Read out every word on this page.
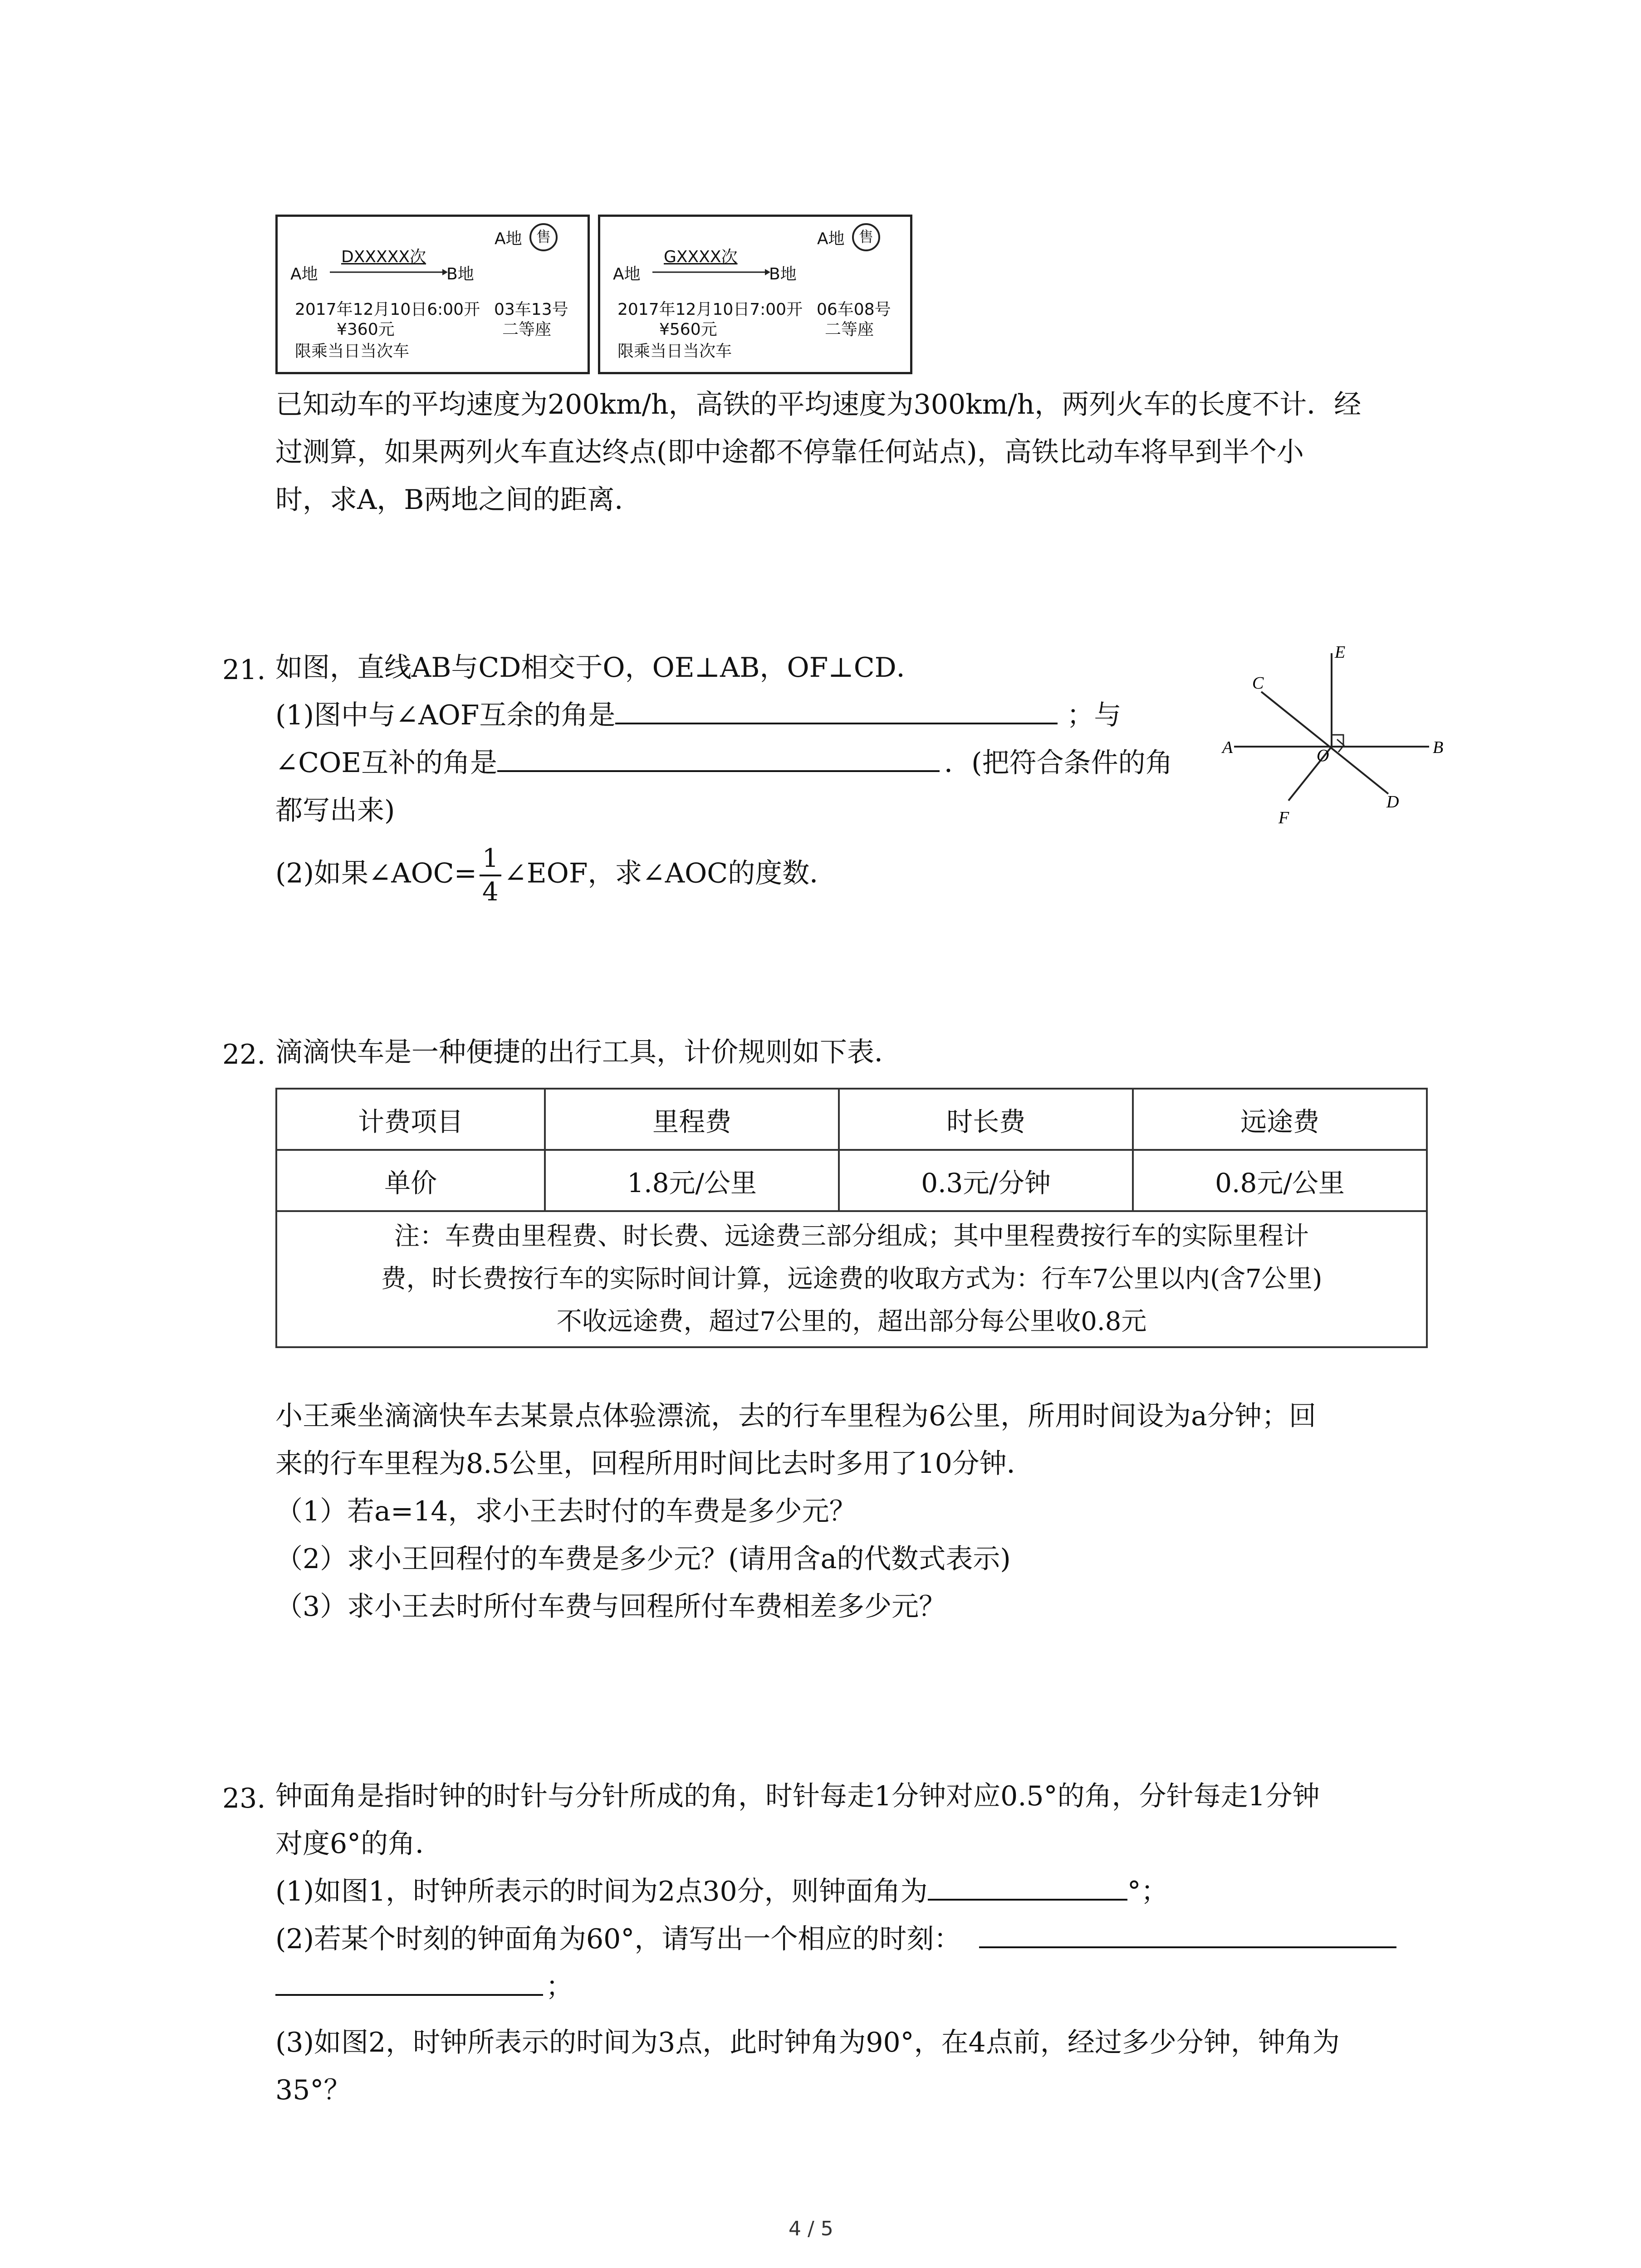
A地 售
DXXXXX次
A地	B地
2017年12月10日6:00开 03车13号
¥360元	二等座
限乘当日当次车
A地 售
GXXXX次
A地	B地
2017年12月10日7:00开 06车08号
¥560元	二等座
限乘当日当次车
已知动车的平均速度为200km/h，高铁的平均速度为300km/h，两列火车的长度不计．经
过测算，如果两列火车直达终点(即中途都不停靠任何站点)，高铁比动车将早到半个小
时，求A，B两地之间的距离．
21. 如图，直线AB与CD相交于O，OE⊥AB，OF⊥CD．
(1)图中与∠AOF互余的角是	；与
∠COE互补的角是	．(把符合条件的角
都写出来)
(2)如果∠AOC= $\frac{1}{4}$ ∠EOF，求∠AOC的度数．
A	B
C
D
E
F
O
22. 滴滴快车是一种便捷的出行工具，计价规则如下表．
计费项目	里程费	时长费	远途费
单价	1.8元/公里	0.3元/分钟	0.8元/公里

注：车费由里程费、时长费、远途费三部分组成；其中里程费按行车的实际里程计
费，时长费按行车的实际时间计算，远途费的收取方式为：行车7公里以内(含7公里)
不收远途费，超过7公里的，超出部分每公里收0.8元			
小王乘坐滴滴快车去某景点体验漂流，去的行车里程为6公里，所用时间设为a分钟；回
来的行车里程为8.5公里，回程所用时间比去时多用了10分钟．
（1）若a=14，求小王去时付的车费是多少元？
（2）求小王回程付的车费是多少元？(请用含a的代数式表示)
（3）求小王去时所付车费与回程所付车费相差多少元？
23. 钟面角是指时钟的时针与分针所成的角，时针每走1分钟对应0.5°的角，分针每走1分钟
对度6°的角．
(1)如图1，时钟所表示的时间为2点30分，则钟面角为	°；
(2)若某个时刻的钟面角为60°，请写出一个相应的时刻：
；
(3)如图2，时钟所表示的时间为3点，此时钟角为90°，在4点前，经过多少分钟，钟角为
35°？
4 / 5
